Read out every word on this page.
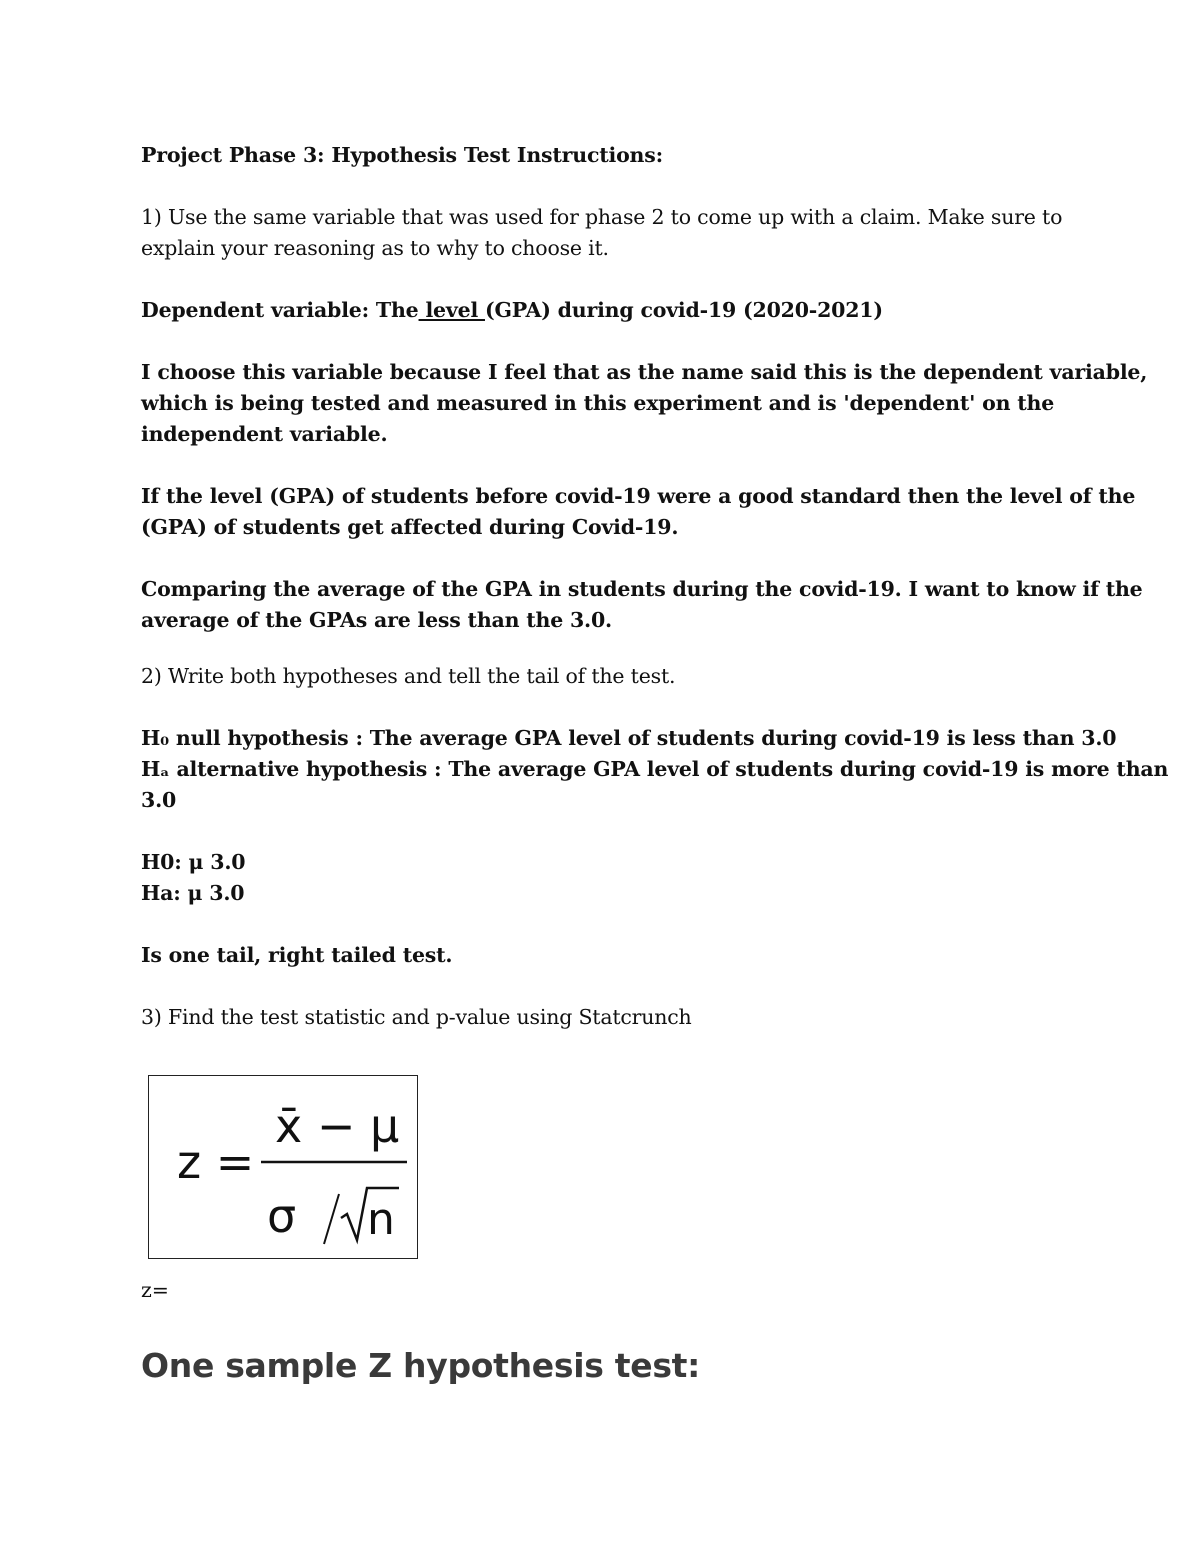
Project Phase 3: Hypothesis Test Instructions:

1) Use the same variable that was used for phase 2 to come up with a claim. Make sure to

explain your reasoning as to why to choose it.

Dependent variable: The level (GPA) during covid-19 (2020-2021)

I choose this variable because I feel that as the name said this is the dependent variable,

which is being tested and measured in this experiment and is 'dependent' on the

independent variable.

If the level (GPA) of students before covid-19 were a good standard then the level of the

(GPA) of students get affected during Covid-19.

Comparing the average of the GPA in students during the covid-19. I want to know if the

average of the GPAs are less than the 3.0.

2) Write both hypotheses and tell the tail of the test.

H₀ null hypothesis : The average GPA level of students during covid-19 is less than 3.0

Hₐ alternative hypothesis : The average GPA level of students during covid-19 is more than

3.0

H0: μ 3.0

Ha: μ 3.0

Is one tail, right tailed test.

3) Find the test statistic and p-value using Statcrunch

z =
x̄ − μ
σ n
z=
One sample Z hypothesis test:
